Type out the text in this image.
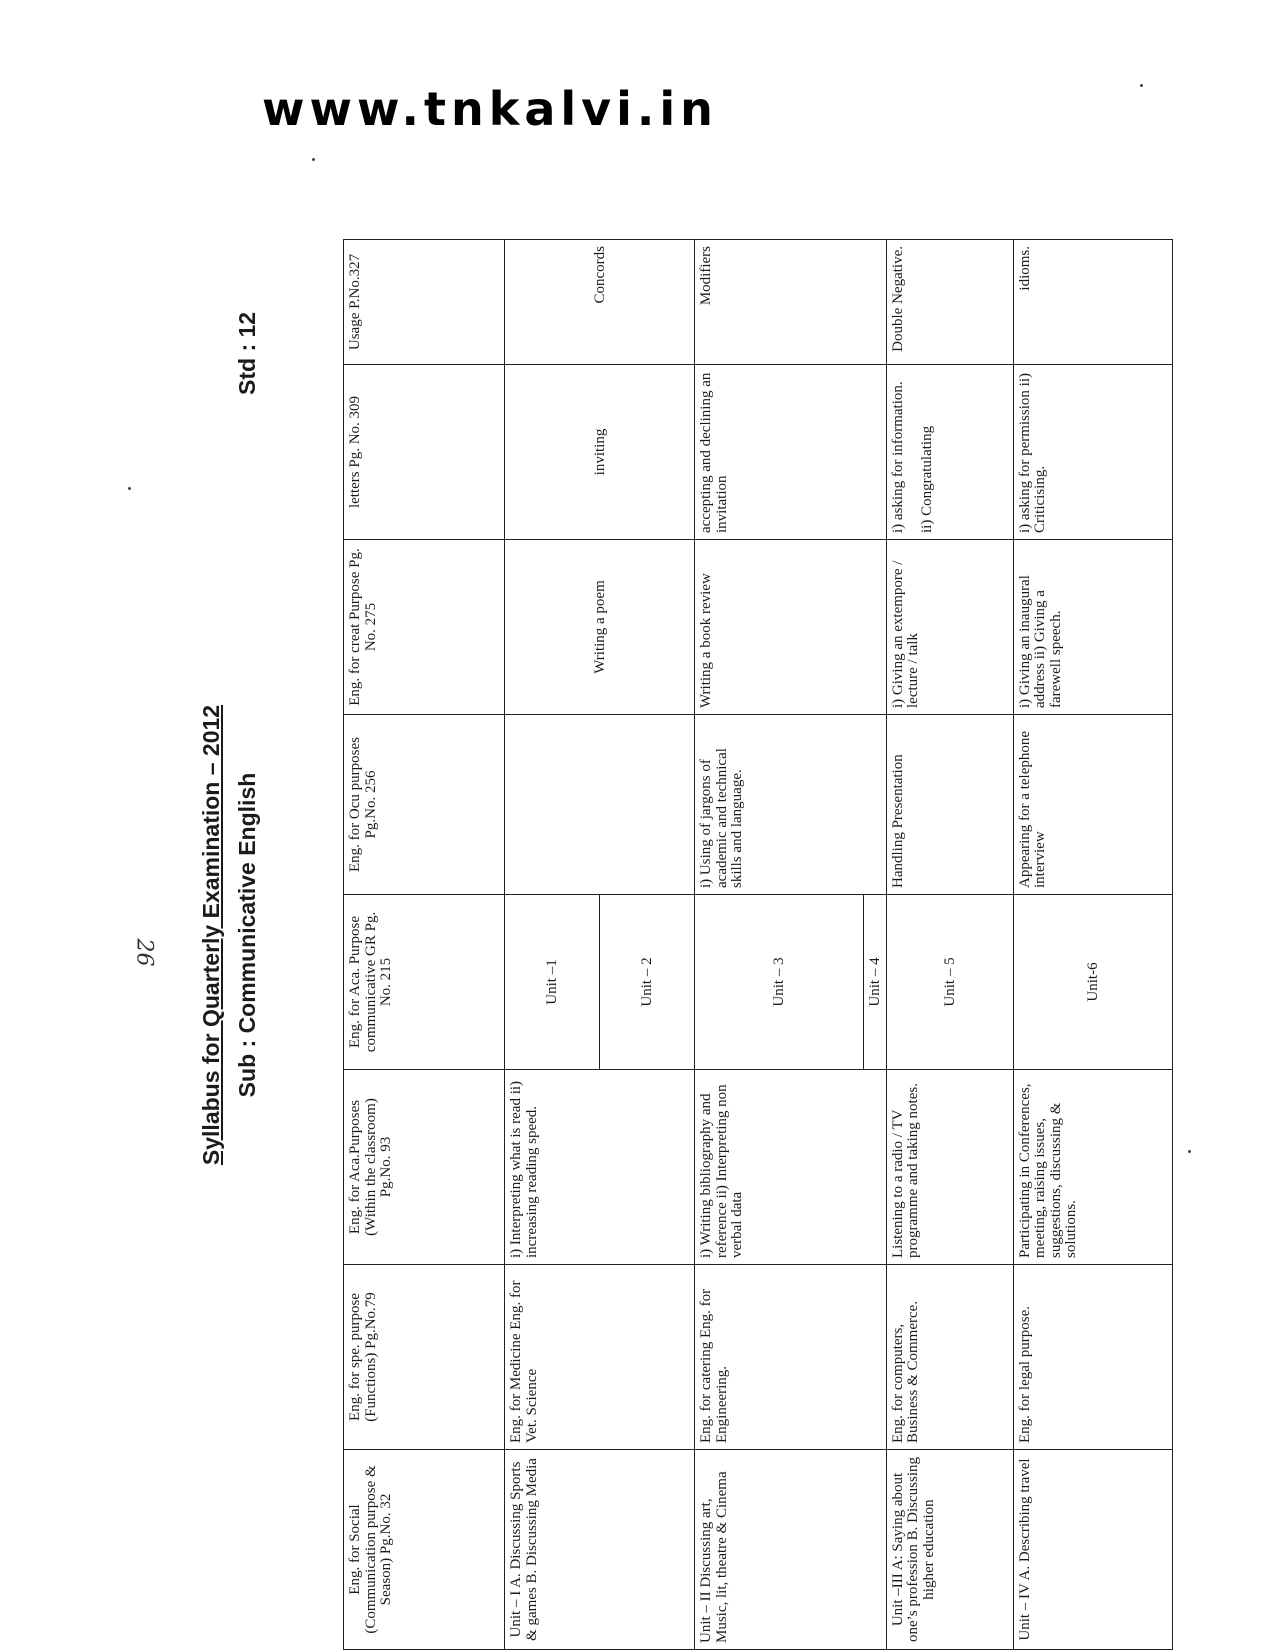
www.tnkalvi.in
26 Syllabus for Quarterly Examination – 2012
Std : 12
Sub : Communicative English
Eng. for Social (Communication purpose & Season) Pg.No. 32	Eng. for spe. purpose (Functions) Pg.No.79	Eng. for Aca.Purposes (Within the classroom) Pg.No. 93	Eng. for Aca. Purpose communicative GR Pg. No. 215	Eng. for Ocu purposes Pg.No. 256	Eng. for creat Purpose Pg. No. 275	letters Pg. No. 309	Usage P.No.327
Unit – I A. Discussing Sports & games B. Discussing Media	Eng. for Medicine Eng. for Vet. Science	i) Interpreting what is read ii) increasing reading speed.	Unit –1		Writing a poem	inviting	Concords
			Unit – 2				
Unit – II Discussing art, Music, lit, theatre & Cinema	Eng. for catering Eng. for Engineering.	i) Writing bibliography and reference ii) Interpreting non verbal data	Unit – 3	i) Using of jargons of academic and technical skills and language.	Writing a book review	accepting and declining an invitation	Modifiers
			Unit – 4				
Unit –III A: Saying about one’s profession B. Discussing higher education	Eng. for computers, Business & Commerce.	Listening to a radio / TV programme and taking notes.	Unit – 5	Handling Presentation	i) Giving an extempore / lecture / talk	i) asking for information. ii) Congratulating	Double Negative.
Unit – IV A. Describing travel	Eng. for legal purpose.	Participating in Conferences, meeting, raising issues, suggestions, discussing & solutions.	Unit-6	Appearing for a telephone interview	i) Giving an inaugural address ii) Giving a farewell speech.	i) asking for permission ii) Criticising.	idioms.
